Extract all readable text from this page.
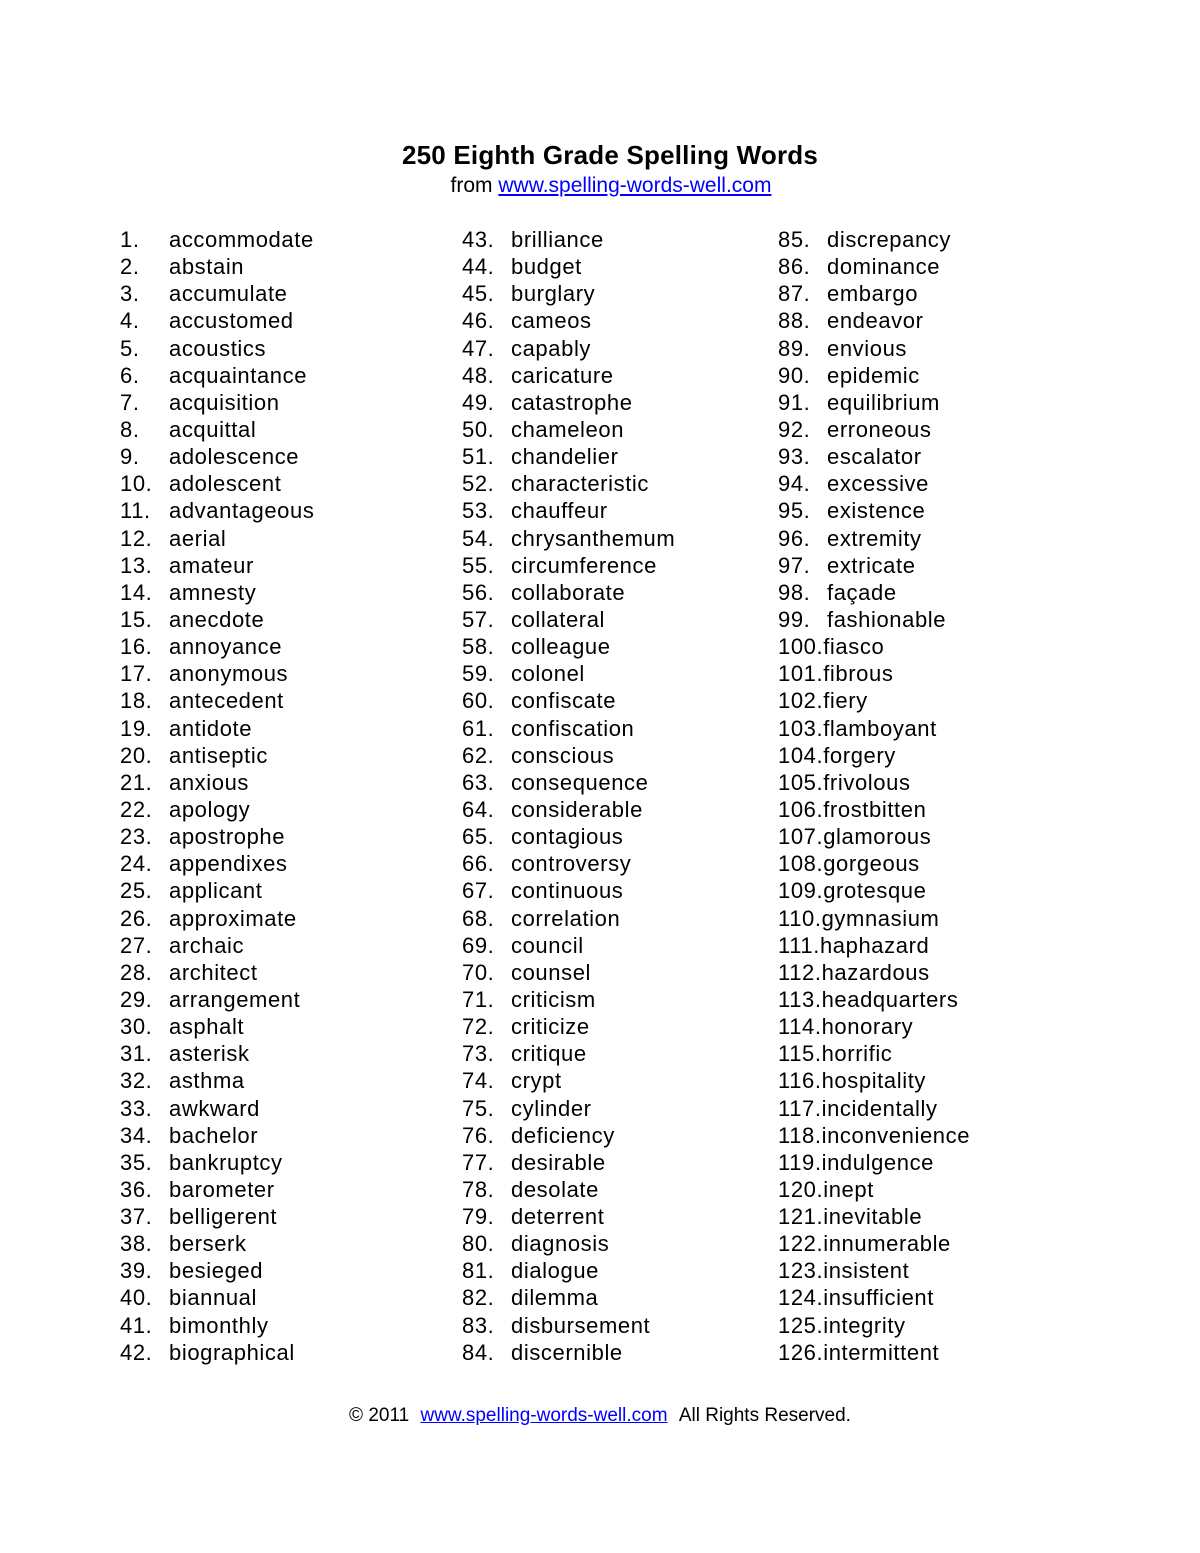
250 Eighth Grade Spelling Words
from www.spelling-words-well.com
1. accommodate
2. abstain
3. accumulate
4. accustomed
5. acoustics
6. acquaintance
7. acquisition
8. acquittal
9. adolescence
10. adolescent
11. advantageous
12. aerial
13. amateur
14. amnesty
15. anecdote
16. annoyance
17. anonymous
18. antecedent
19. antidote
20. antiseptic
21. anxious
22. apology
23. apostrophe
24. appendixes
25. applicant
26. approximate
27. archaic
28. architect
29. arrangement
30. asphalt
31. asterisk
32. asthma
33. awkward
34. bachelor
35. bankruptcy
36. barometer
37. belligerent
38. berserk
39. besieged
40. biannual
41. bimonthly
42. biographical
43. brilliance
44. budget
45. burglary
46. cameos
47. capably
48. caricature
49. catastrophe
50. chameleon
51. chandelier
52. characteristic
53. chauffeur
54. chrysanthemum
55. circumference
56. collaborate
57. collateral
58. colleague
59. colonel
60. confiscate
61. confiscation
62. conscious
63. consequence
64. considerable
65. contagious
66. controversy
67. continuous
68. correlation
69. council
70. counsel
71. criticism
72. criticize
73. critique
74. crypt
75. cylinder
76. deficiency
77. desirable
78. desolate
79. deterrent
80. diagnosis
81. dialogue
82. dilemma
83. disbursement
84. discernible
85. discrepancy
86. dominance
87. embargo
88. endeavor
89. envious
90. epidemic
91. equilibrium
92. erroneous
93. escalator
94. excessive
95. existence
96. extremity
97. extricate
98. façade
99. fashionable
100.fiasco
101.fibrous
102.fiery
103.flamboyant
104.forgery
105.frivolous
106.frostbitten
107.glamorous
108.gorgeous
109.grotesque
110.gymnasium
111.haphazard
112.hazardous
113.headquarters
114.honorary
115.horrific
116.hospitality
117.incidentally
118.inconvenience
119.indulgence
120.inept
121.inevitable
122.innumerable
123.insistent
124.insufficient
125.integrity
126.intermittent
© 2011 www.spelling-words-well.com All Rights Reserved.
